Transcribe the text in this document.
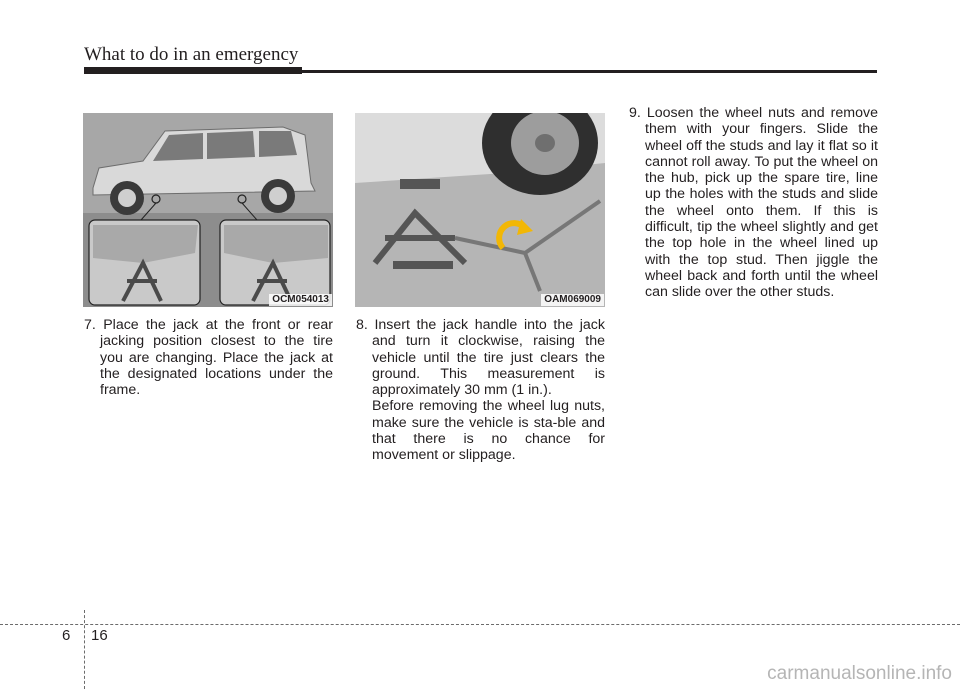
What to do in an emergency
OCM054013	OAM069009

7. Place the jack at the front or rear jacking position closest to the tire you are changing. Place the jack at the designated locations under the frame.

8. Insert the jack handle into the jack and turn it clockwise, raising the vehicle until the tire just clears the ground. This measurement is approximately 30 mm (1 in.).

Before removing the wheel lug nuts, make sure the vehicle is sta-ble and that there is no chance for movement or slippage.

9. Loosen the wheel nuts and remove them with your fingers. Slide the wheel off the studs and lay it flat so it cannot roll away. To put the wheel on the hub, pick up the spare tire, line up the holes with the studs and slide the wheel onto them. If this is difficult, tip the wheel slightly and get the top hole in the wheel lined up with the top stud. Then jiggle the wheel back and forth until the wheel can slide over the other studs.

6 16
carmanualsonline.info
